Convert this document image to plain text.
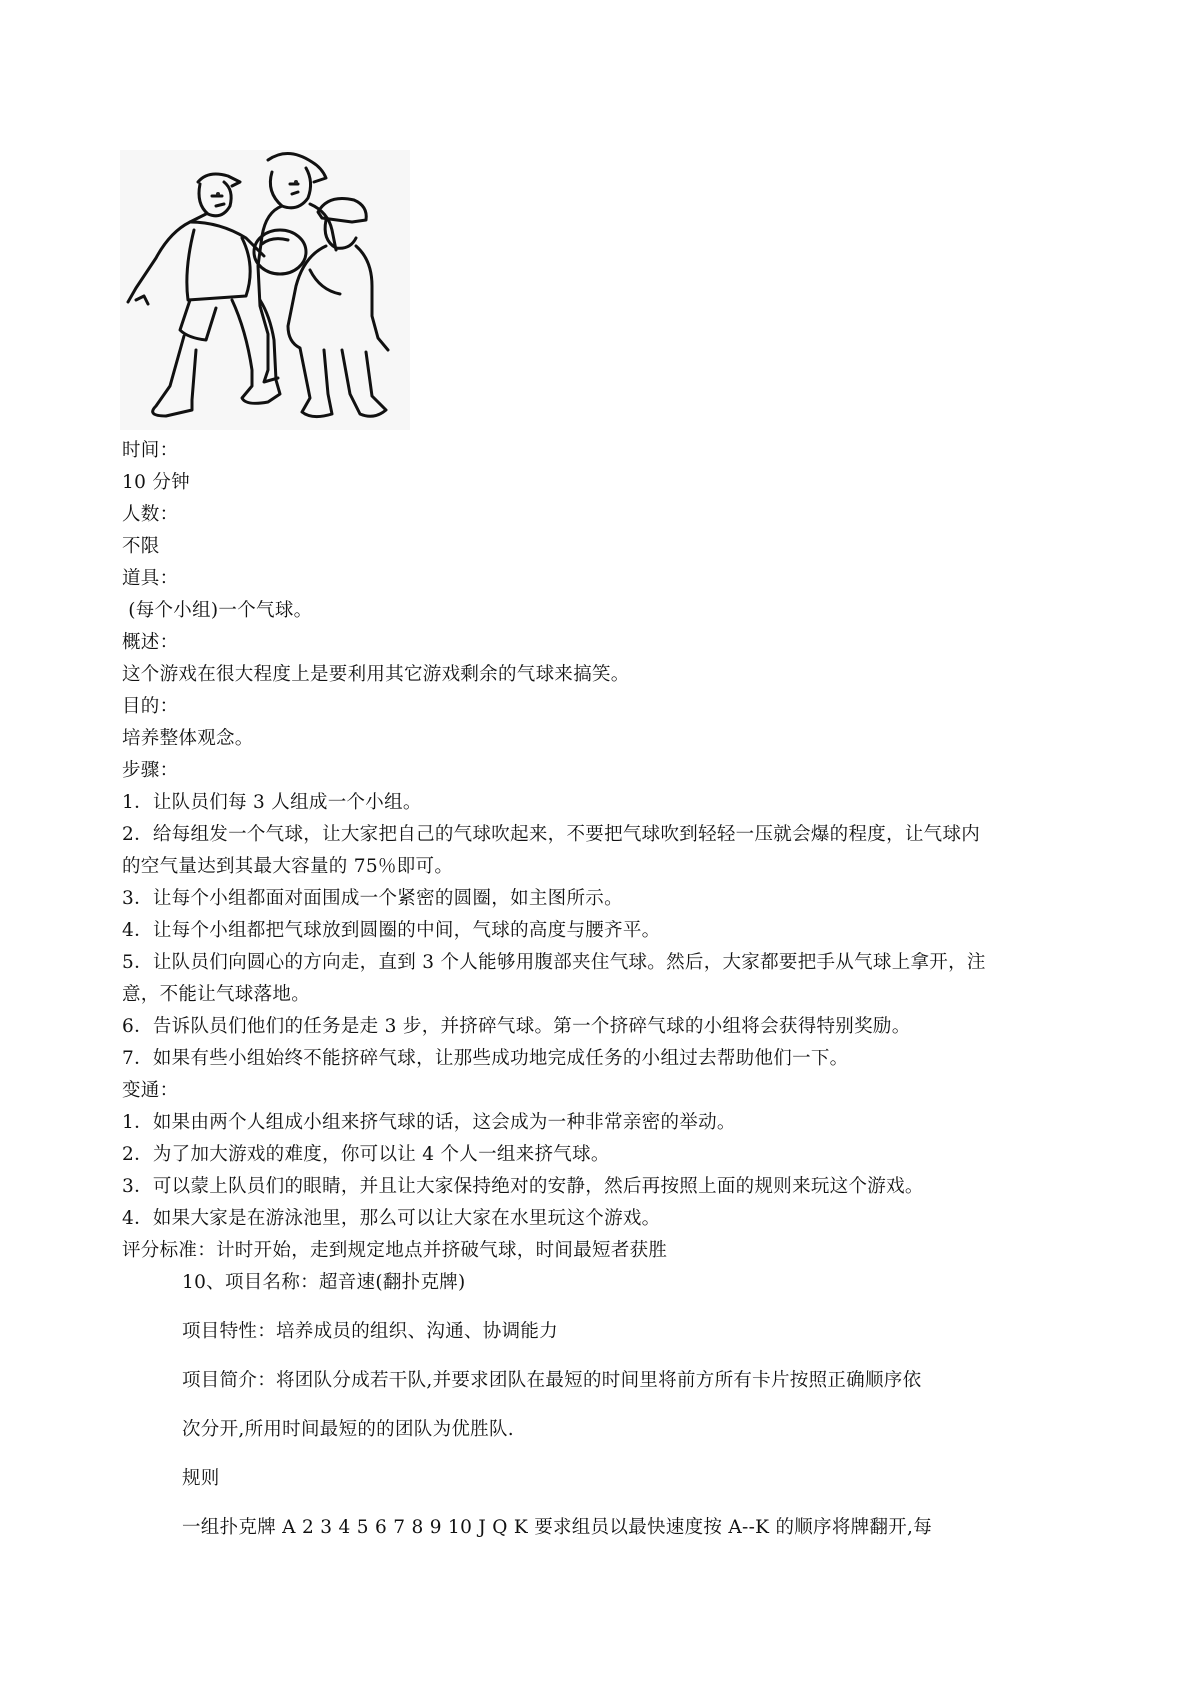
时间：

10 分钟

人数：

不限

道具：

(每个小组)一个气球。

概述：

这个游戏在很大程度上是要利用其它游戏剩余的气球来搞笑。

目的：

培养整体观念。

步骤：

1．让队员们每 3 人组成一个小组。

2．给每组发一个气球，让大家把自己的气球吹起来，不要把气球吹到轻轻一压就会爆的程度，让气球内

的空气量达到其最大容量的 75％即可。

3．让每个小组都面对面围成一个紧密的圆圈，如主图所示。

4．让每个小组都把气球放到圆圈的中间，气球的高度与腰齐平。

5．让队员们向圆心的方向走，直到 3 个人能够用腹部夹住气球。然后，大家都要把手从气球上拿开，注

意，不能让气球落地。

6．告诉队员们他们的任务是走 3 步，并挤碎气球。第一个挤碎气球的小组将会获得特别奖励。

7．如果有些小组始终不能挤碎气球，让那些成功地完成任务的小组过去帮助他们一下。

变通：

1．如果由两个人组成小组来挤气球的话，这会成为一种非常亲密的举动。

2．为了加大游戏的难度，你可以让 4 个人一组来挤气球。

3．可以蒙上队员们的眼睛，并且让大家保持绝对的安静，然后再按照上面的规则来玩这个游戏。

4．如果大家是在游泳池里，那么可以让大家在水里玩这个游戏。

评分标准：计时开始，走到规定地点并挤破气球，时间最短者获胜

10、项目名称：超音速(翻扑克牌)

项目特性：培养成员的组织、沟通、协调能力

项目简介：将团队分成若干队,并要求团队在最短的时间里将前方所有卡片按照正确顺序依

次分开,所用时间最短的的团队为优胜队.

规则

一组扑克牌 A 2 3 4 5 6 7 8 9 10 J Q K 要求组员以最快速度按 A--K 的顺序将牌翻开,每
